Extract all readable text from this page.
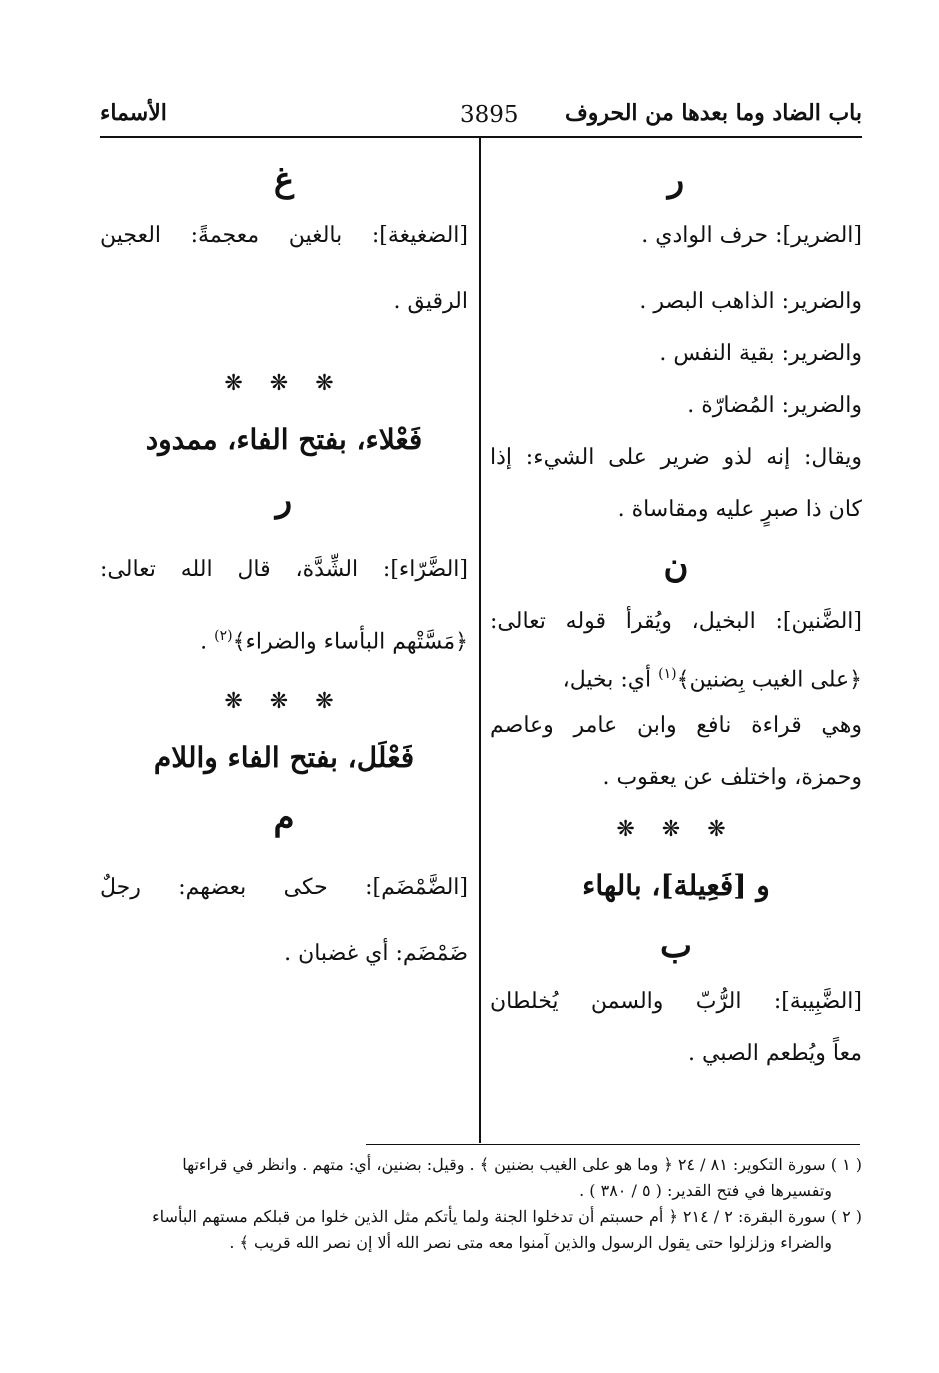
باب الضاد وما بعدها من الحروف
3895
الأسماء
ر
[الضرير]: حرف الوادي .
والضرير: الذاهب البصر .
والضرير: بقية النفس .
والضرير: المُضارّة .
ويقال: إنه لذو ضرير على الشيء: إذا
كان ذا صبرٍ عليه ومقاساة .
ن
[الضَّنين]: البخيل، ويُقرأ قوله تعالى:
﴿على الغيب بِضنين﴾$^{(١)}$ أي: بخيل،
وهي قراءة نافع وابن عامر وعاصم
وحمزة، واختلف عن يعقوب .
❋ ❋ ❋
و [فَعِيلة]، بالهاء
ب
[الضَّبِيبة]: الرُّبّ والسمن يُخلطان
معاً ويُطعم الصبي .
غ
[الضغيغة]: بالغين معجمةً: العجين
الرقيق .
❋ ❋ ❋
فَعْلاء، بفتح الفاء، ممدود
ر
[الضَّرّاء]: الشِّدَّة، قال الله تعالى:
﴿مَسَّتْهم البأساء والضراء﴾$^{(٢)}$ .
❋ ❋ ❋
فَعْلَل، بفتح الفاء واللام
م
[الضَّمْضَم]: حكى بعضهم: رجلٌ
ضَمْضَم: أي غضبان .
( ١ ) سورة التكوير: ٨١ / ٢٤ ﴿ وما هو على الغيب بضنين ﴾ . وقيل: بضنين، أي: متهم . وانظر في قراءتها
وتفسيرها في فتح القدير: ( ٥ / ٣٨٠ ) .
( ٢ ) سورة البقرة: ٢ / ٢١٤ ﴿ أم حسبتم أن تدخلوا الجنة ولما يأتكم مثل الذين خلوا من قبلكم مستهم البأساء
والضراء وزلزلوا حتى يقول الرسول والذين آمنوا معه متى نصر الله ألا إن نصر الله قريب ﴾ .
